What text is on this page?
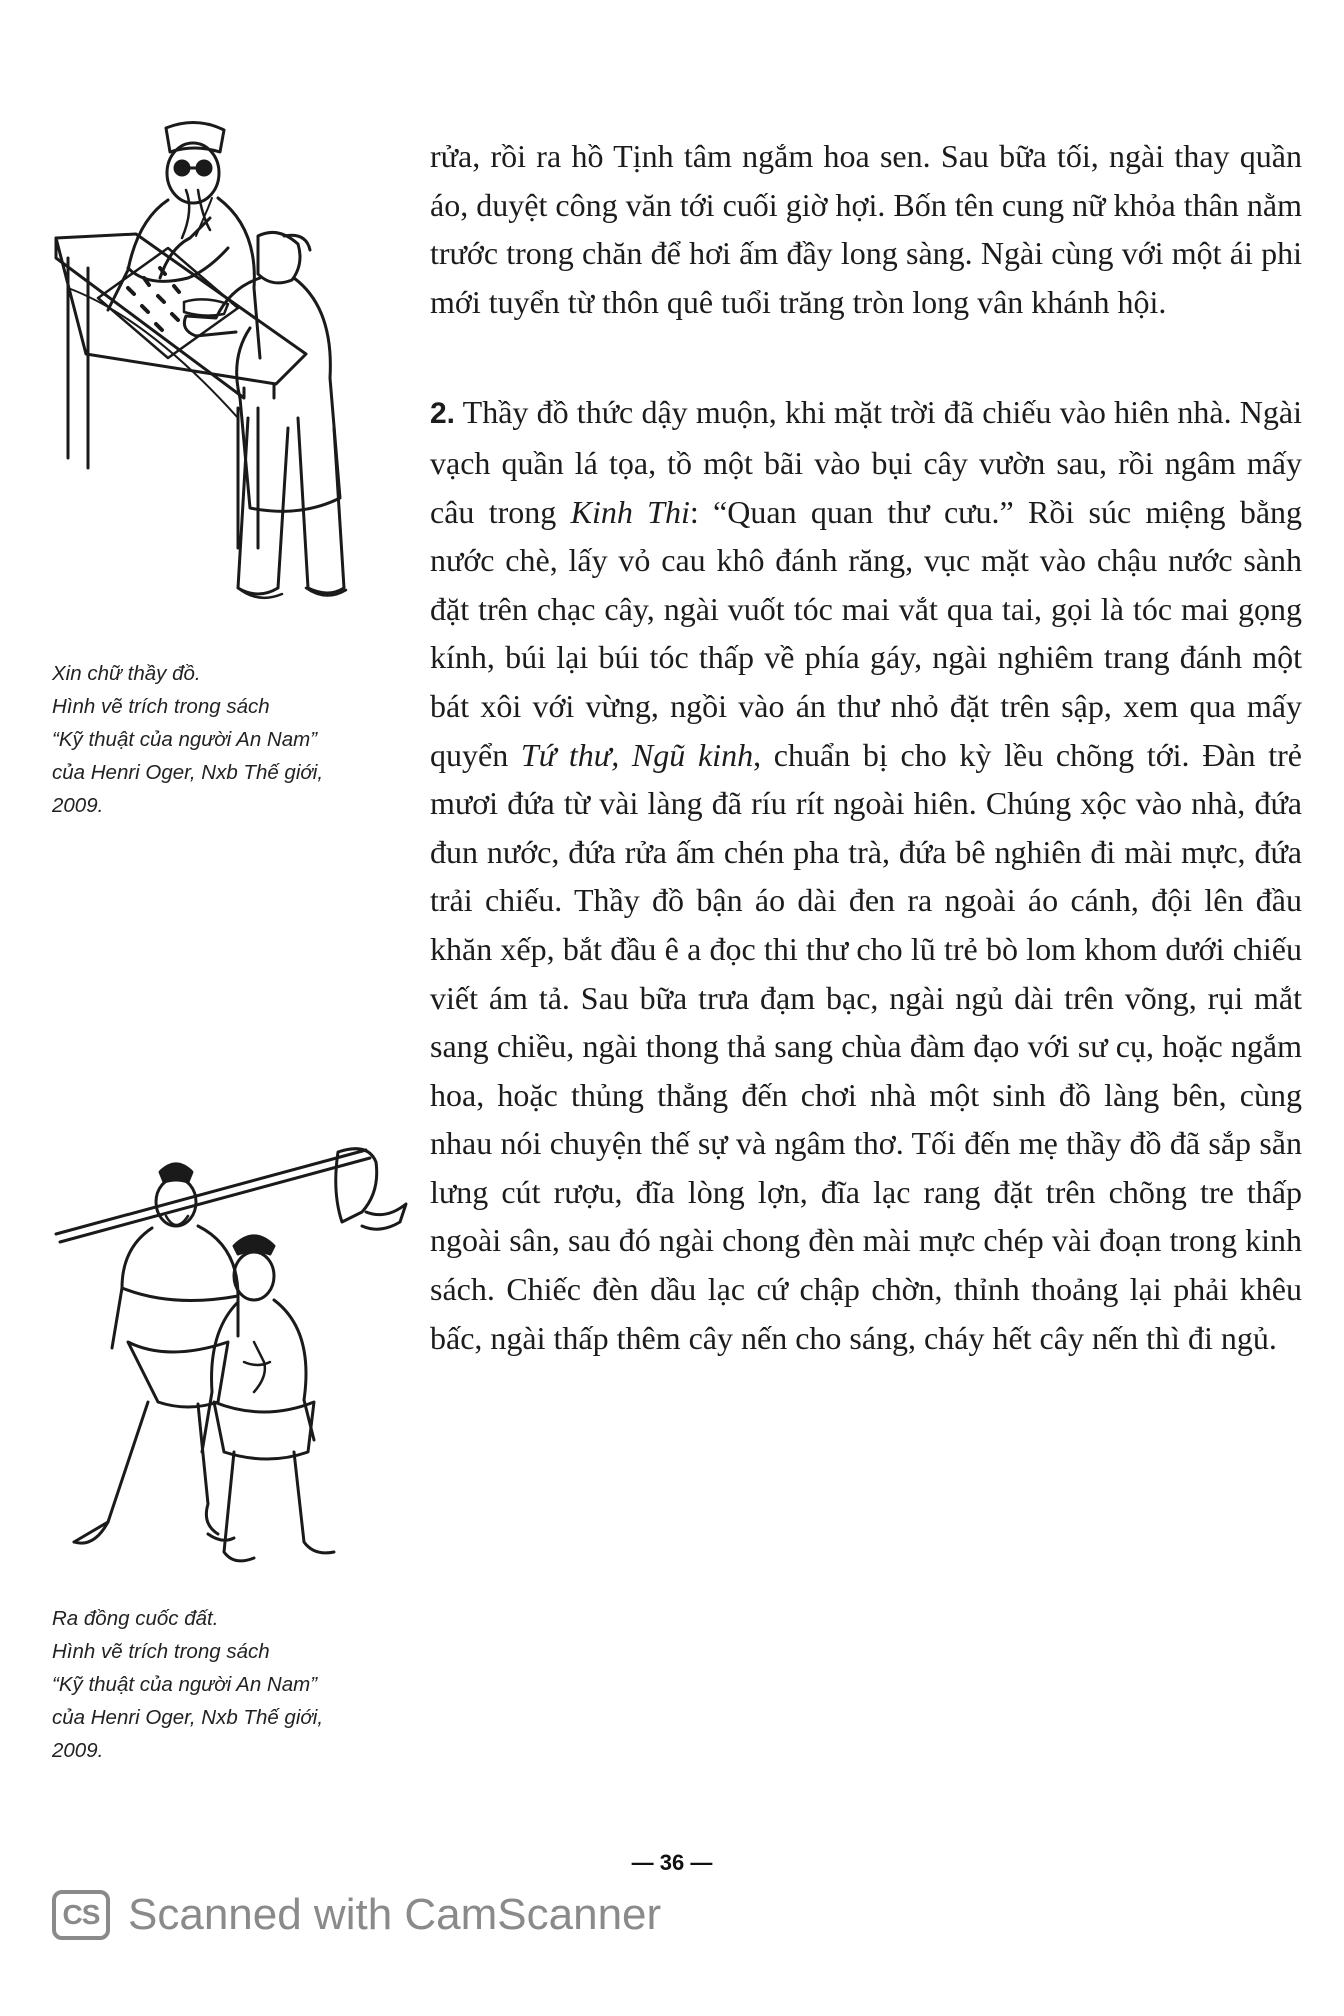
Xin chữ thầy đồ.
Hình vẽ trích trong sách
“Kỹ thuật của người An Nam”
của Henri Oger, Nxb Thế giới,
2009.
Ra đồng cuốc đất.
Hình vẽ trích trong sách
“Kỹ thuật của người An Nam”
của Henri Oger, Nxb Thế giới,
2009.

rửa, rồi ra hồ Tịnh tâm ngắm hoa sen. Sau bữa tối, ngài thay quần áo, duyệt công văn tới cuối giờ hợi. Bốn tên cung nữ khỏa thân nằm trước trong chăn để hơi ấm đầy long sàng. Ngài cùng với một ái phi mới tuyển từ thôn quê tuổi trăng tròn long vân khánh hội.

2. Thầy đồ thức dậy muộn, khi mặt trời đã chiếu vào hiên nhà. Ngài vạch quần lá tọa, tồ một bãi vào bụi cây vườn sau, rồi ngâm mấy câu trong Kinh Thi: “Quan quan thư cưu.” Rồi súc miệng bằng nước chè, lấy vỏ cau khô đánh răng, vục mặt vào chậu nước sành đặt trên chạc cây, ngài vuốt tóc mai vắt qua tai, gọi là tóc mai gọng kính, búi lại búi tóc thấp về phía gáy, ngài nghiêm trang đánh một bát xôi với vừng, ngồi vào án thư nhỏ đặt trên sập, xem qua mấy quyển Tứ thư, Ngũ kinh, chuẩn bị cho kỳ lều chõng tới. Đàn trẻ mươi đứa từ vài làng đã ríu rít ngoài hiên. Chúng xộc vào nhà, đứa đun nước, đứa rửa ấm chén pha trà, đứa bê nghiên đi mài mực, đứa trải chiếu. Thầy đồ bận áo dài đen ra ngoài áo cánh, đội lên đầu khăn xếp, bắt đầu ê a đọc thi thư cho lũ trẻ bò lom khom dưới chiếu viết ám tả. Sau bữa trưa đạm bạc, ngài ngủ dài trên võng, rụi mắt sang chiều, ngài thong thả sang chùa đàm đạo với sư cụ, hoặc ngắm hoa, hoặc thủng thẳng đến chơi nhà một sinh đồ làng bên, cùng nhau nói chuyện thế sự và ngâm thơ. Tối đến mẹ thầy đồ đã sắp sẵn lưng cút rượu, đĩa lòng lợn, đĩa lạc rang đặt trên chõng tre thấp ngoài sân, sau đó ngài chong đèn mài mực chép vài đoạn trong kinh sách. Chiếc đèn dầu lạc cứ chập chờn, thỉnh thoảng lại phải khêu bấc, ngài thấp thêm cây nến cho sáng, cháy hết cây nến thì đi ngủ.

— 36 —
CS Scanned with CamScanner
